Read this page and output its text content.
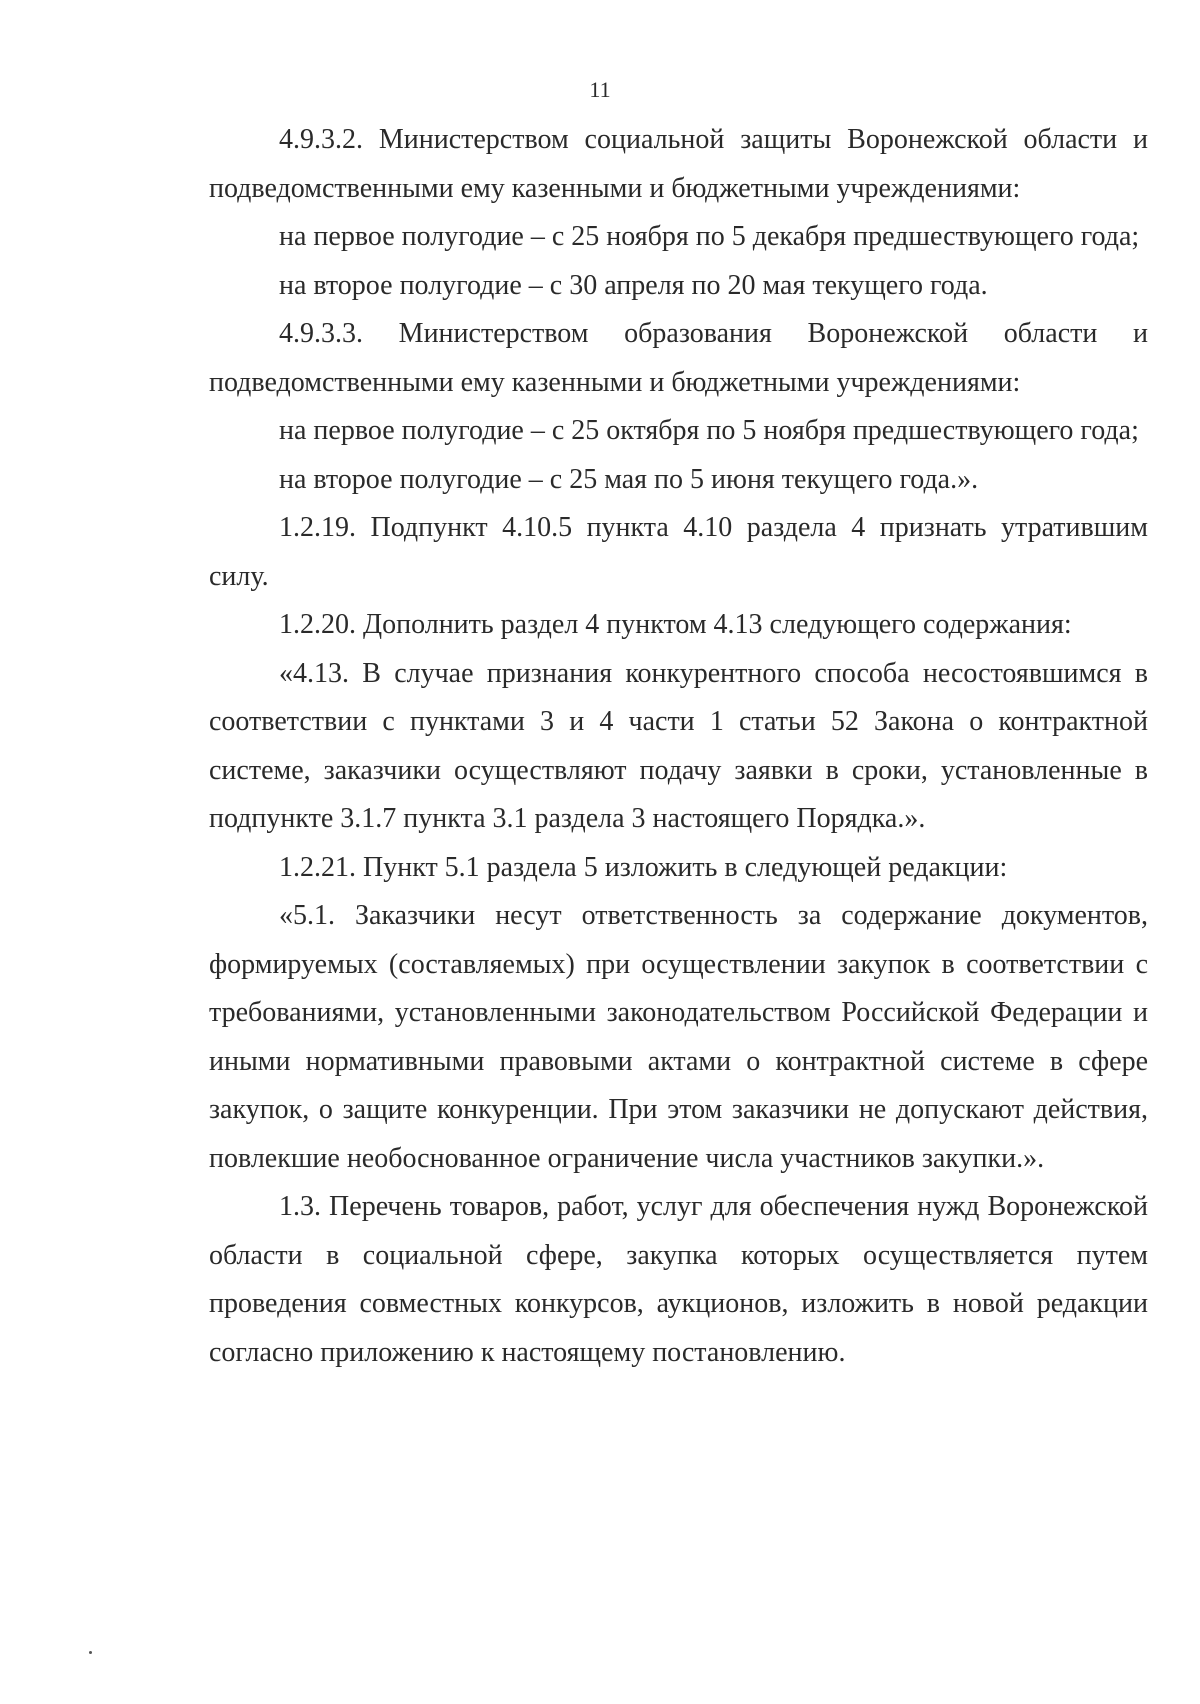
11

4.9.3.2. Министерством социальной защиты Воронежской области и подведомственными ему казенными и бюджетными учреждениями:

на первое полугодие – с 25 ноября по 5 декабря предшествующего года;

на второе полугодие – с 30 апреля по 20 мая текущего года.

4.9.3.3. Министерством образования Воронежской области и подведомственными ему казенными и бюджетными учреждениями:

на первое полугодие – с 25 октября по 5 ноября предшествующего года;

на второе полугодие – с 25 мая по 5 июня текущего года.».

1.2.19. Подпункт 4.10.5 пункта 4.10 раздела 4 признать утратившим силу.

1.2.20. Дополнить раздел 4 пунктом 4.13 следующего содержания:

«4.13. В случае признания конкурентного способа несостоявшимся в соответствии с пунктами 3 и 4 части 1 статьи 52 Закона о контрактной системе, заказчики осуществляют подачу заявки в сроки, установленные в подпункте 3.1.7 пункта 3.1 раздела 3 настоящего Порядка.».

1.2.21. Пункт 5.1 раздела 5 изложить в следующей редакции:

«5.1. Заказчики несут ответственность за содержание документов, формируемых (составляемых) при осуществлении закупок в соответствии с требованиями, установленными законодательством Российской Федерации и иными нормативными правовыми актами о контрактной системе в сфере закупок, о защите конкуренции. При этом заказчики не допускают действия, повлекшие необоснованное ограничение числа участников закупки.».

1.3. Перечень товаров, работ, услуг для обеспечения нужд Воронежской области в социальной сфере, закупка которых осуществляется путем проведения совместных конкурсов, аукционов, изложить в новой редакции согласно приложению к настоящему постановлению.
